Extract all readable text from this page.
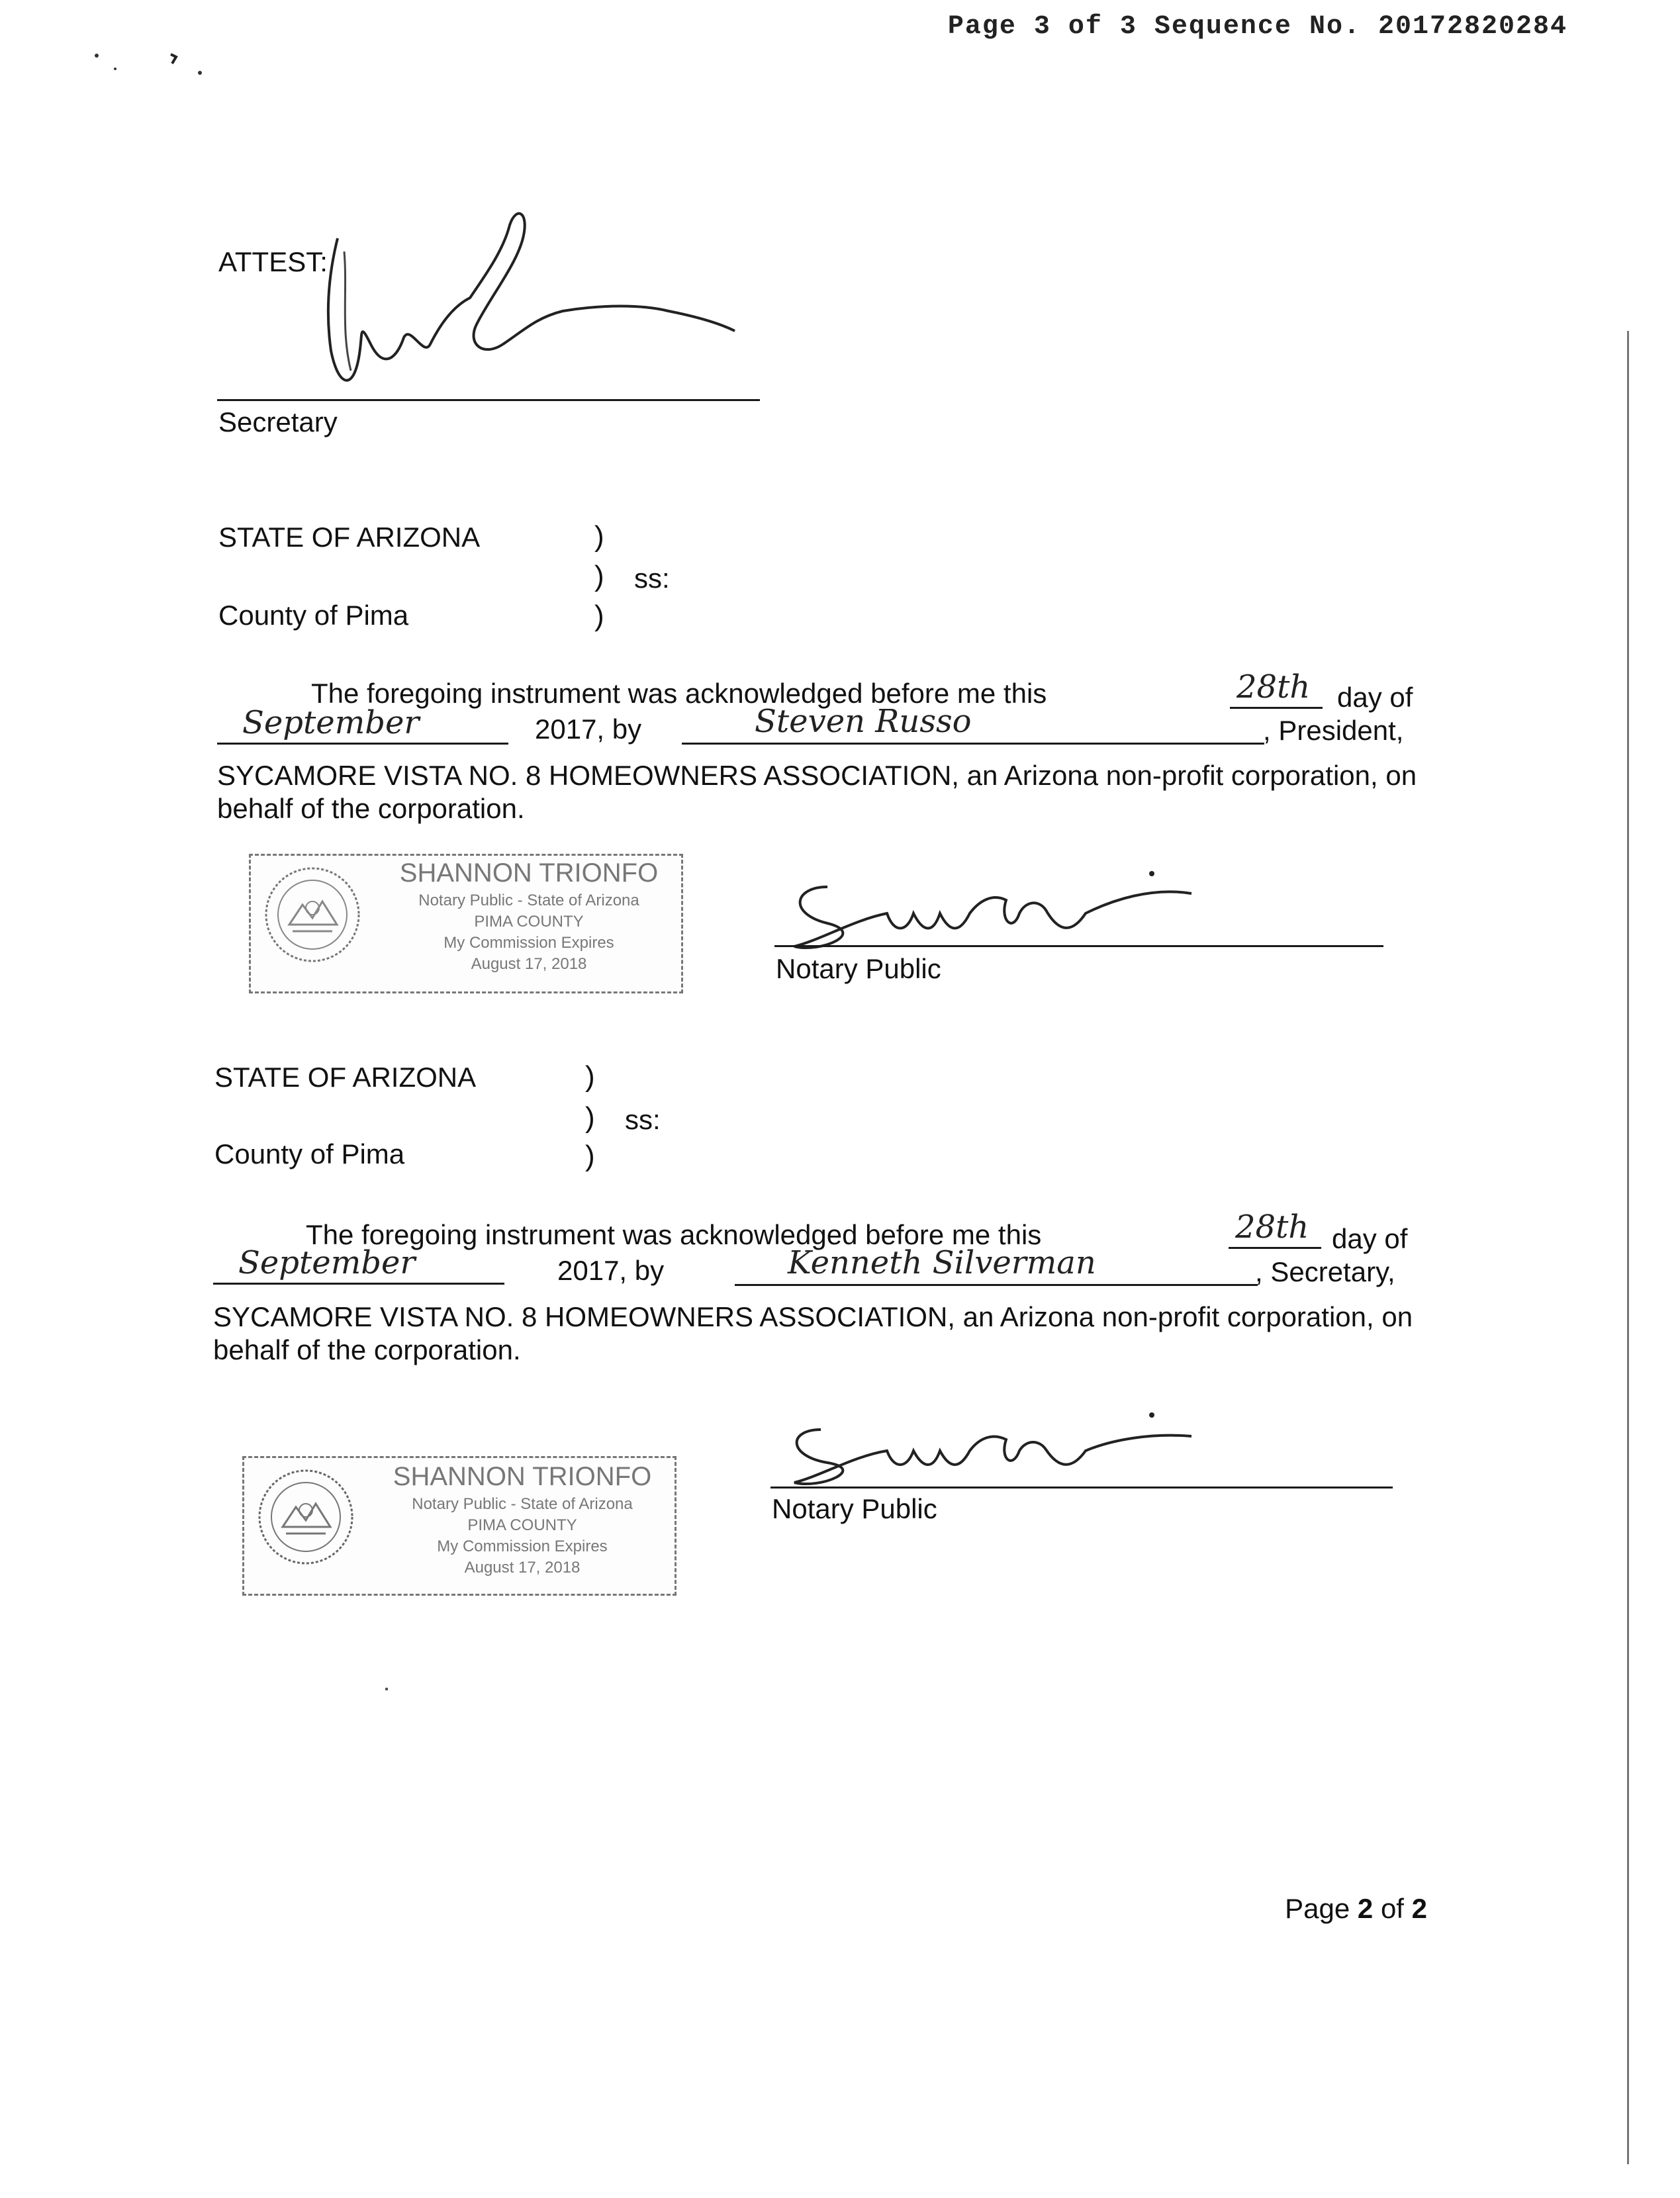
Page 3 of 3 Sequence No. 20172820284
ATTEST:
Secretary
STATE OF ARIZONA	)
) ss:
County of Pima	)
The foregoing instrument was acknowledged before me this	28th day of
September	2017, by	Steven Russo	, President,
SYCAMORE VISTA NO. 8 HOMEOWNERS ASSOCIATION, an Arizona non-profit corporation, on
behalf of the corporation.
SHANNON TRIONFO
Notary Public - State of Arizona
PIMA COUNTY
My Commission Expires
August 17, 2018	Notary Public
STATE OF ARIZONA	)
) ss:
County of Pima	)
The foregoing instrument was acknowledged before me this	28th day of
September	2017, by	Kenneth Silverman	, Secretary,
SYCAMORE VISTA NO. 8 HOMEOWNERS ASSOCIATION, an Arizona non-profit corporation, on
behalf of the corporation.
SHANNON TRIONFO
Notary Public - State of Arizona
PIMA COUNTY
My Commission Expires
August 17, 2018
Notary Public
Page 2 of 2
